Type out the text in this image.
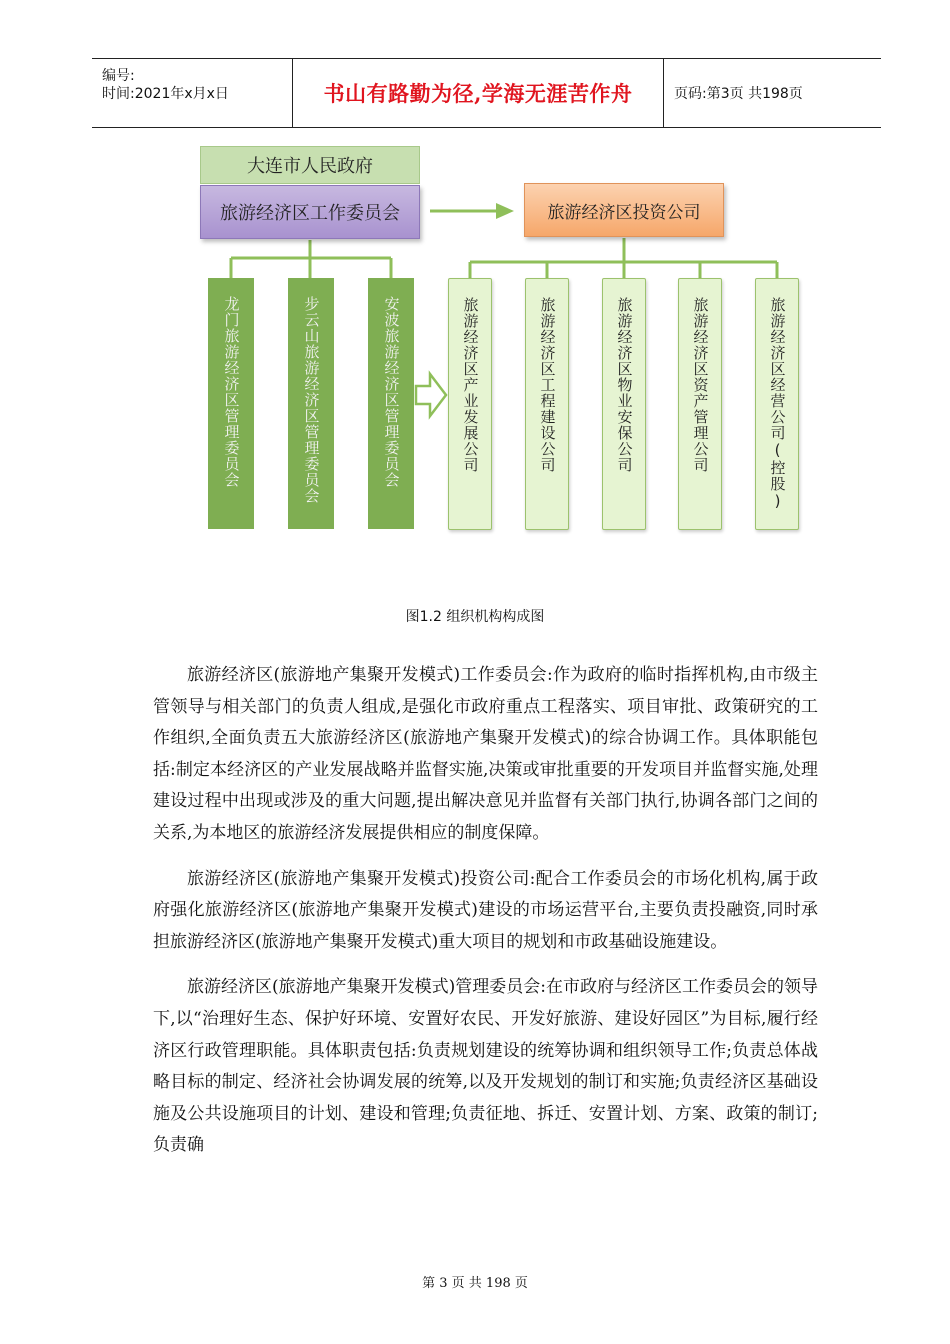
编号:
时间:2021年x月x日	书山有路勤为径,学海无涯苦作舟	页码:第3页 共198页
大连市人民政府
旅游经济区工作委员会	旅游经济区投资公司
龙门旅游经济区管理委员会	步云山旅游经济区管理委员会	安波旅游经济区管理委员会	旅游经济区产业发展公司	旅游经济区工程建设公司	旅游经济区物业安保公司	旅游经济区资产管理公司	旅游经济区经营公司(控股)
图1.2 组织机构构成图

旅游经济区(旅游地产集聚开发模式)工作委员会:作为政府的临时指挥机构,由市级主管领导与相关部门的负责人组成,是强化市政府重点工程落实、项目审批、政策研究的工作组织,全面负责五大旅游经济区(旅游地产集聚开发模式)的综合协调工作。具体职能包括:制定本经济区的产业发展战略并监督实施,决策或审批重要的开发项目并监督实施,处理建设过程中出现或涉及的重大问题,提出解决意见并监督有关部门执行,协调各部门之间的关系,为本地区的旅游经济发展提供相应的制度保障。

旅游经济区(旅游地产集聚开发模式)投资公司:配合工作委员会的市场化机构,属于政府强化旅游经济区(旅游地产集聚开发模式)建设的市场运营平台,主要负责投融资,同时承担旅游经济区(旅游地产集聚开发模式)重大项目的规划和市政基础设施建设。

旅游经济区(旅游地产集聚开发模式)管理委员会:在市政府与经济区工作委员会的领导下,以“治理好生态、保护好环境、安置好农民、开发好旅游、建设好园区”为目标,履行经济区行政管理职能。具体职责包括:负责规划建设的统筹协调和组织领导工作;负责总体战略目标的制定、经济社会协调发展的统筹,以及开发规划的制订和实施;负责经济区基础设施及公共设施项目的计划、建设和管理;负责征地、拆迁、安置计划、方案、政策的制订;负责确

第 3 页 共 198 页
